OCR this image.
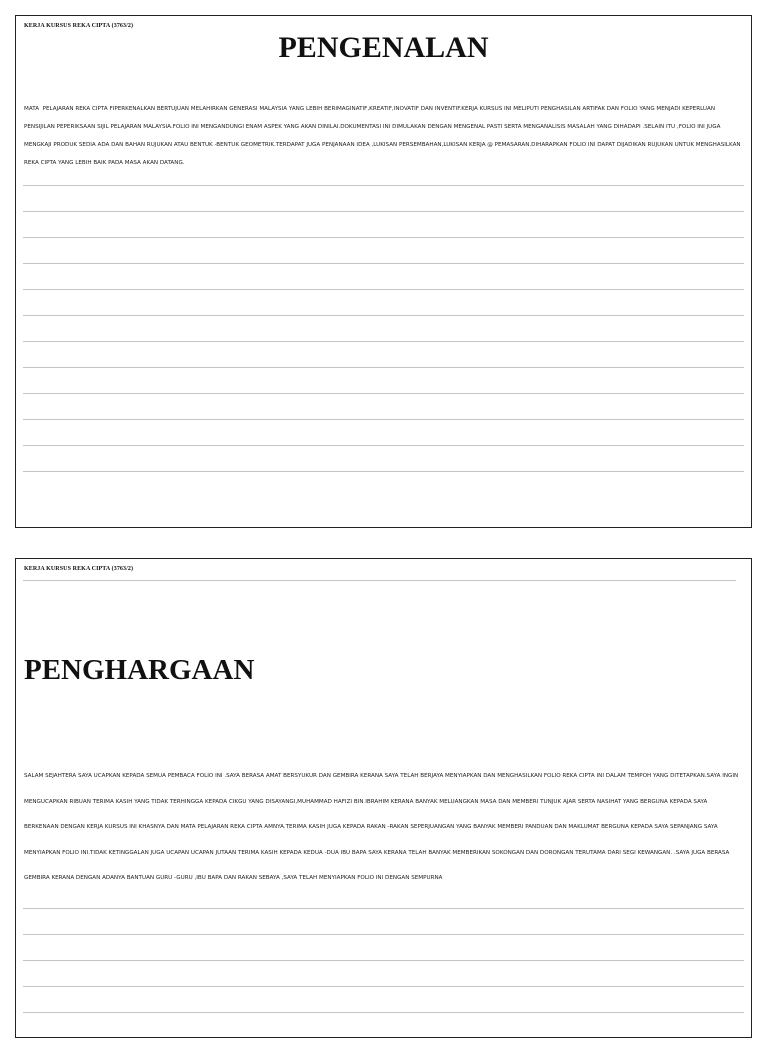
KERJA KURSUS REKA CIPTA (3763/2)
PENGENALAN
MATA  PELAJARAN REKA CIPTA FIPERKENALKAN BERTUJUAN MELAHIRKAN GENERASI MALAYSIA YANG LEBIH BERIMAGINATIF,KREATIF,INOVATIF DAN INVENTIF.KERJA KURSUS INI MELIPUTI PENGHASILAN ARTIFAK DAN FOLIO YANG MENJADI KEPERLUAN PENSIJILAN PEPERIKSAAN SIJIL PELAJARAN MALAYSIA.FOLIO INI MENGANDUNGI ENAM ASPEK YANG AKAN DINILAI.DOKUMENTASI INI DIMULAKAN DENGAN MENGENAL PASTI SERTA MENGANALISIS MASALAH YANG DIHADAPI .SELAIN ITU ,FOLIO INI JUGA MENGKAJI PRODUK SEDIA ADA DAN BAHAN RUJUKAN ATAU BENTUK -BENTUK GEOMETRIK.TERDAPAT JUGA PENJANAAN IDEA ,LUKISAN PERSEMBAHAN,LUKISAN KERJA @ PEMASARAN.DIHARAPKAN FOLIO INI DAPAT DIJADIKAN RUJUKAN UNTUK MENGHASILKAN REKA CIPTA YANG LEBIH BAIK PADA MASA AKAN DATANG.
KERJA KURSUS REKA CIPTA (3763/2)
PENGHARGAAN
SALAM SEJAHTERA SAYA UCAPKAN KEPADA SEMUA PEMBACA FOLIO INI .SAYA BERASA AMAT BERSYUKUR DAN GEMBIRA KERANA SAYA TELAH BERJAYA MENYIAPKAN DAN MENGHASILKAN FOLIO REKA CIPTA INI DALAM TEMPOH YANG DITETAPKAN.SAYA INGIN MENGUCAPKAN RIBUAN TERIMA KASIH YANG TIDAK TERHINGGA KEPADA CIKGU YANG DISAYANGI,MUHAMMAD HAFIZI BIN IBRAHIM KERANA BANYAK MELUANGKAN MASA DAN MEMBERI TUNJUK AJAR SERTA NASIHAT YANG BERGUNA KEPADA SAYA BERKENAAN DENGAN KERJA KURSUS INI KHASNYA DAN MATA PELAJARAN REKA CIPTA AMNYA.TERIMA KASIH JUGA KEPADA RAKAN -RAKAN SEPERJUANGAN YANG BANYAK MEMBERI PANDUAN DAN MAKLUMAT BERGUNA KEPADA SAYA SEPANJANG SAYA MENYIAPKAN FOLIO INI.TIDAK KETINGGALAN JUGA UCAPAN UCAPAN JUTAAN TERIMA KASIH KEPADA KEDUA -DUA IBU BAPA SAYA KERANA TELAH BANYAK MEMBERIKAN SOKONGAN DAN DORONGAN TERUTAMA DARI SEGI KEWANGAN. .SAYA JUGA BERASA GEMBIRA KERANA DENGAN ADANYA BANTUAN GURU -GURU ,IBU BAPA DAN RAKAN SEBAYA ,SAYA TELAH MENYIAPKAN FOLIO INI DENGAN SEMPURNA
